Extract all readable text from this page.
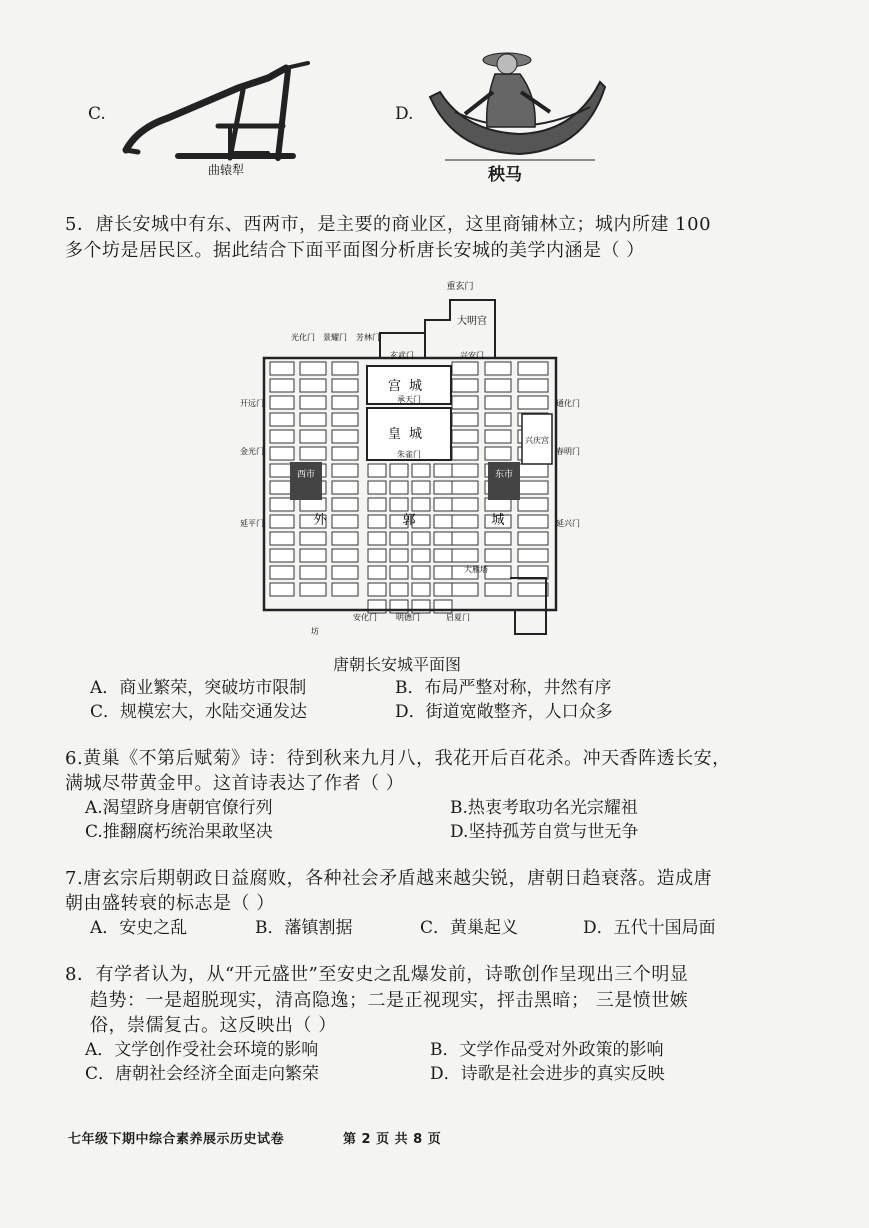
C.
曲辕犁
D.
秧马
5．唐长安城中有东、西两市，是主要的商业区，这里商铺林立；城内所建 100
多个坊是居民区。据此结合下面平面图分析唐长安城的美学内涵是（ ）
重玄门
大明宫
光化门 景耀门 芳林门
玄武门	兴安门
宫城
承天门
皇城
朱雀门
开远门
金光门
延平门
通化门
春明门
延兴门
兴庆宫
西市	东市
外	郭	城
大雁塔
安化门 明德门	启夏门
坊
唐朝长安城平面图
A．商业繁荣，突破坊市限制	B．布局严整对称，井然有序
C．规模宏大，水陆交通发达	D．街道宽敞整齐，人口众多
6.黄巢《不第后赋菊》诗：待到秋来九月八，我花开后百花杀。冲天香阵透长安，
满城尽带黄金甲。这首诗表达了作者（ ）
A.渴望跻身唐朝官僚行列	B.热衷考取功名光宗耀祖
C.推翻腐朽统治果敢坚决	D.坚持孤芳自赏与世无争
7.唐玄宗后期朝政日益腐败，各种社会矛盾越来越尖锐，唐朝日趋衰落。造成唐
朝由盛转衰的标志是（ ）
A．安史之乱	B．藩镇割据	C．黄巢起义	D．五代十国局面
8．有学者认为，从“开元盛世”至安史之乱爆发前，诗歌创作呈现出三个明显
趋势：一是超脱现实，清高隐逸；二是正视现实，抨击黑暗； 三是愤世嫉
俗，崇儒复古。这反映出（ ）
A．文学创作受社会环境的影响	B．文学作品受对外政策的影响
C．唐朝社会经济全面走向繁荣	D．诗歌是社会进步的真实反映
七年级下期中综合素养展示历史试卷	第 2 页 共 8 页
